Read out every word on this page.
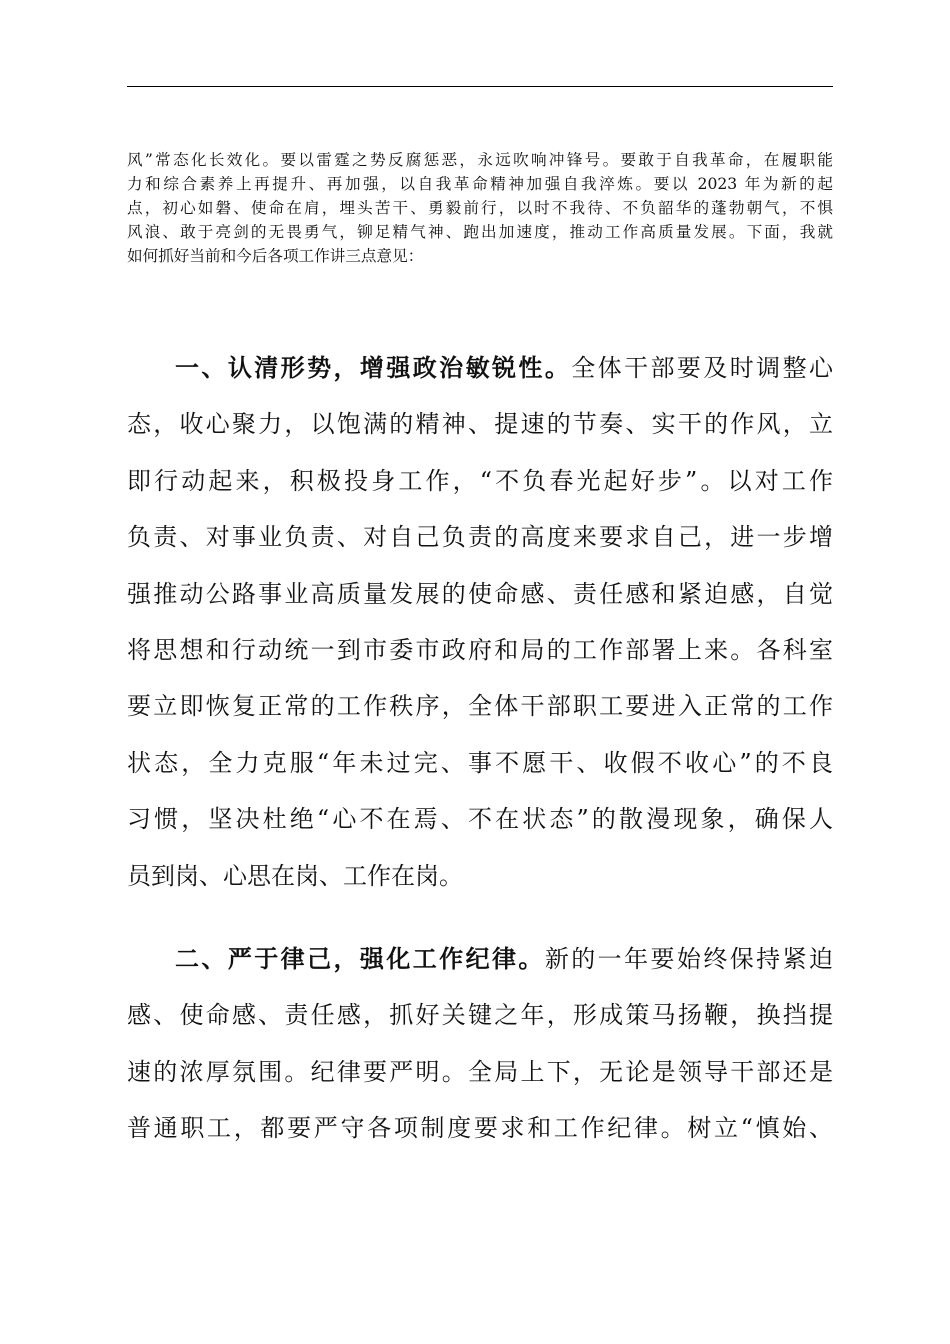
风”常态化长效化。要以雷霆之势反腐惩恶，永远吹响冲锋号。要敢于自我革命，在履职能
力和综合素养上再提升、再加强，以自我革命精神加强自我淬炼。要以 2023 年为新的起
点，初心如磐、使命在肩，埋头苦干、勇毅前行，以时不我待、不负韶华的蓬勃朝气，不惧
风浪、敢于亮剑的无畏勇气，铆足精气神、跑出加速度，推动工作高质量发展。下面，我就
如何抓好当前和今后各项工作讲三点意见：
一、认清形势，增强政治敏锐性。全体干部要及时调整心
态，收心聚力，以饱满的精神、提速的节奏、实干的作风，立
即行动起来，积极投身工作，“不负春光起好步”。以对工作
负责、对事业负责、对自己负责的高度来要求自己，进一步增
强推动公路事业高质量发展的使命感、责任感和紧迫感，自觉
将思想和行动统一到市委市政府和局的工作部署上来。各科室
要立即恢复正常的工作秩序，全体干部职工要进入正常的工作
状态，全力克服“年未过完、事不愿干、收假不收心”的不良
习惯，坚决杜绝“心不在焉、不在状态”的散漫现象，确保人
员到岗、心思在岗、工作在岗。
二、严于律己，强化工作纪律。新的一年要始终保持紧迫
感、使命感、责任感，抓好关键之年，形成策马扬鞭，换挡提
速的浓厚氛围。纪律要严明。全局上下，无论是领导干部还是
普通职工，都要严守各项制度要求和工作纪律。树立“慎始、
